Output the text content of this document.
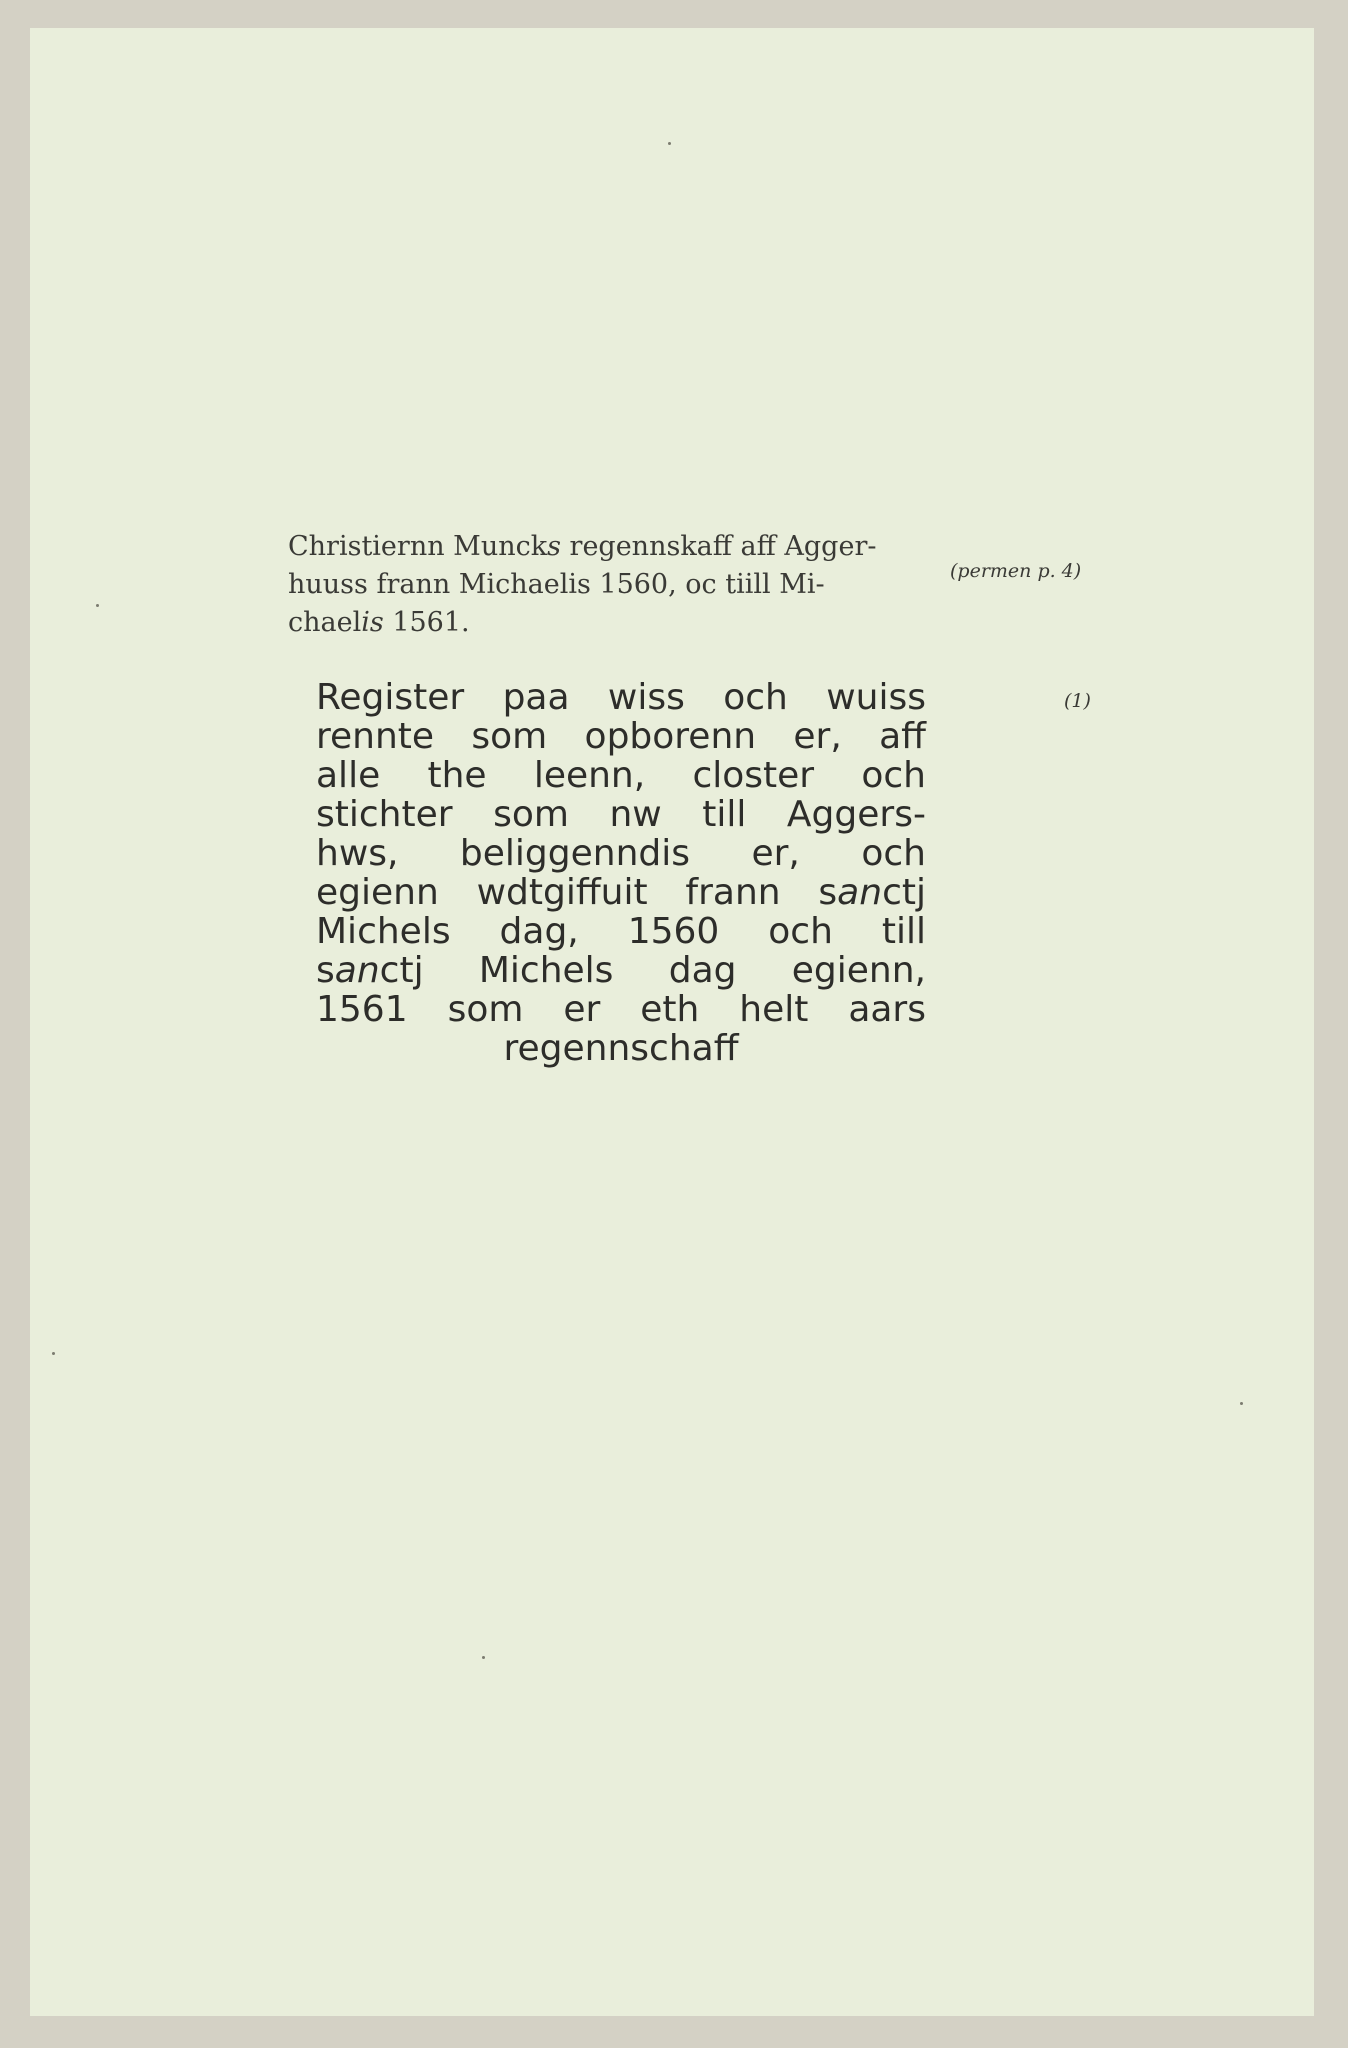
Christiernn Muncks regennskaff aff Agger-
huuss frann Michaelis 1560, oc tiill Mi-
chaelis 1561.

(permen p. 4)
(1)
Register paa wiss och wuiss
rennte som opborenn er, aff
alle the leenn, closter och
stichter som nw till Aggers-
hws, beliggenndis er, och
egienn wdtgiffuit frann sanctj
Michels dag, 1560 och till
sanctj Michels dag egienn,
1561 som er eth helt aars
regennschaff
